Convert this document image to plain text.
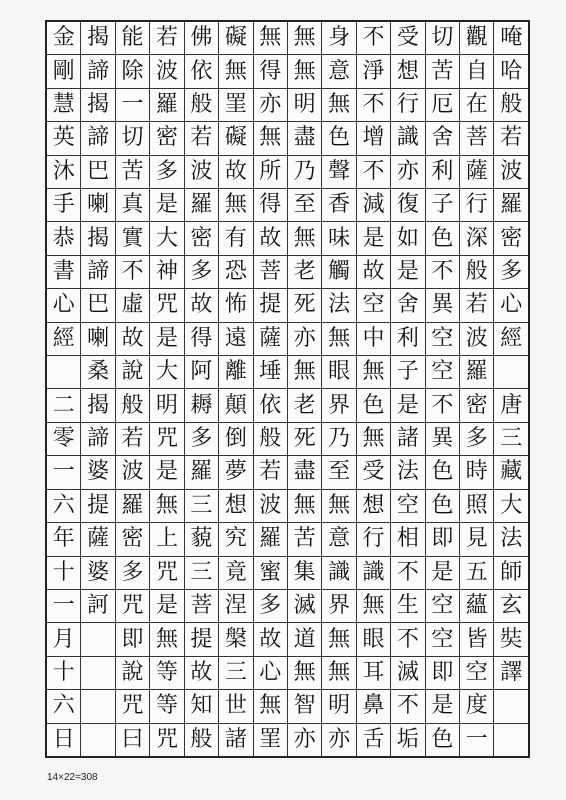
金
剛
慧
英
沐
手
恭
書
心
經
二
零
一
六
年
十
一
月
十
六
日
揭
諦
揭
諦
巴
喇
揭
諦
巴
喇
桑
揭
諦
婆
提
薩
婆
訶
能
除
一
切
苦
真
實
不
虛
故
說
般
若
波
羅
密
多
咒
即
說
咒
曰
若
波
羅
密
多
是
大
神
咒
是
大
明
咒
是
無
上
咒
是
無
等
等
咒
佛
依
般
若
波
羅
密
多
故
得
阿
耨
多
羅
三
藐
三
菩
提
故
知
般
礙
無
罣
礙
故
無
有
恐
怖
遠
離
顛
倒
夢
想
究
竟
涅
槃
三
世
諸
無
得
亦
無
所
得
故
菩
提
薩
埵
依
般
若
波
羅
蜜
多
故
心
無
罣
無
無
明
盡
乃
至
無
老
死
亦
無
老
死
盡
無
苦
集
滅
道
無
智
亦
身
意
無
色
聲
香
味
觸
法
無
眼
界
乃
至
無
意
識
界
無
無
明
亦
不
淨
不
增
不
減
是
故
空
中
無
色
無
受
想
行
識
無
眼
耳
鼻
舌
受
想
行
識
亦
復
如
是
舍
利
子
是
諸
法
空
相
不
生
不
滅
不
垢
切
苦
厄
舍
利
子
色
不
異
空
空
不
異
色
色
即
是
空
空
即
是
色
觀
自
在
菩
薩
行
深
般
若
波
羅
密
多
時
照
見
五
蘊
皆
空
度
一
唵
哈
般
若
波
羅
密
多
心
經
唐
三
藏
大
法
師
玄
奘
譯
14×22=308
